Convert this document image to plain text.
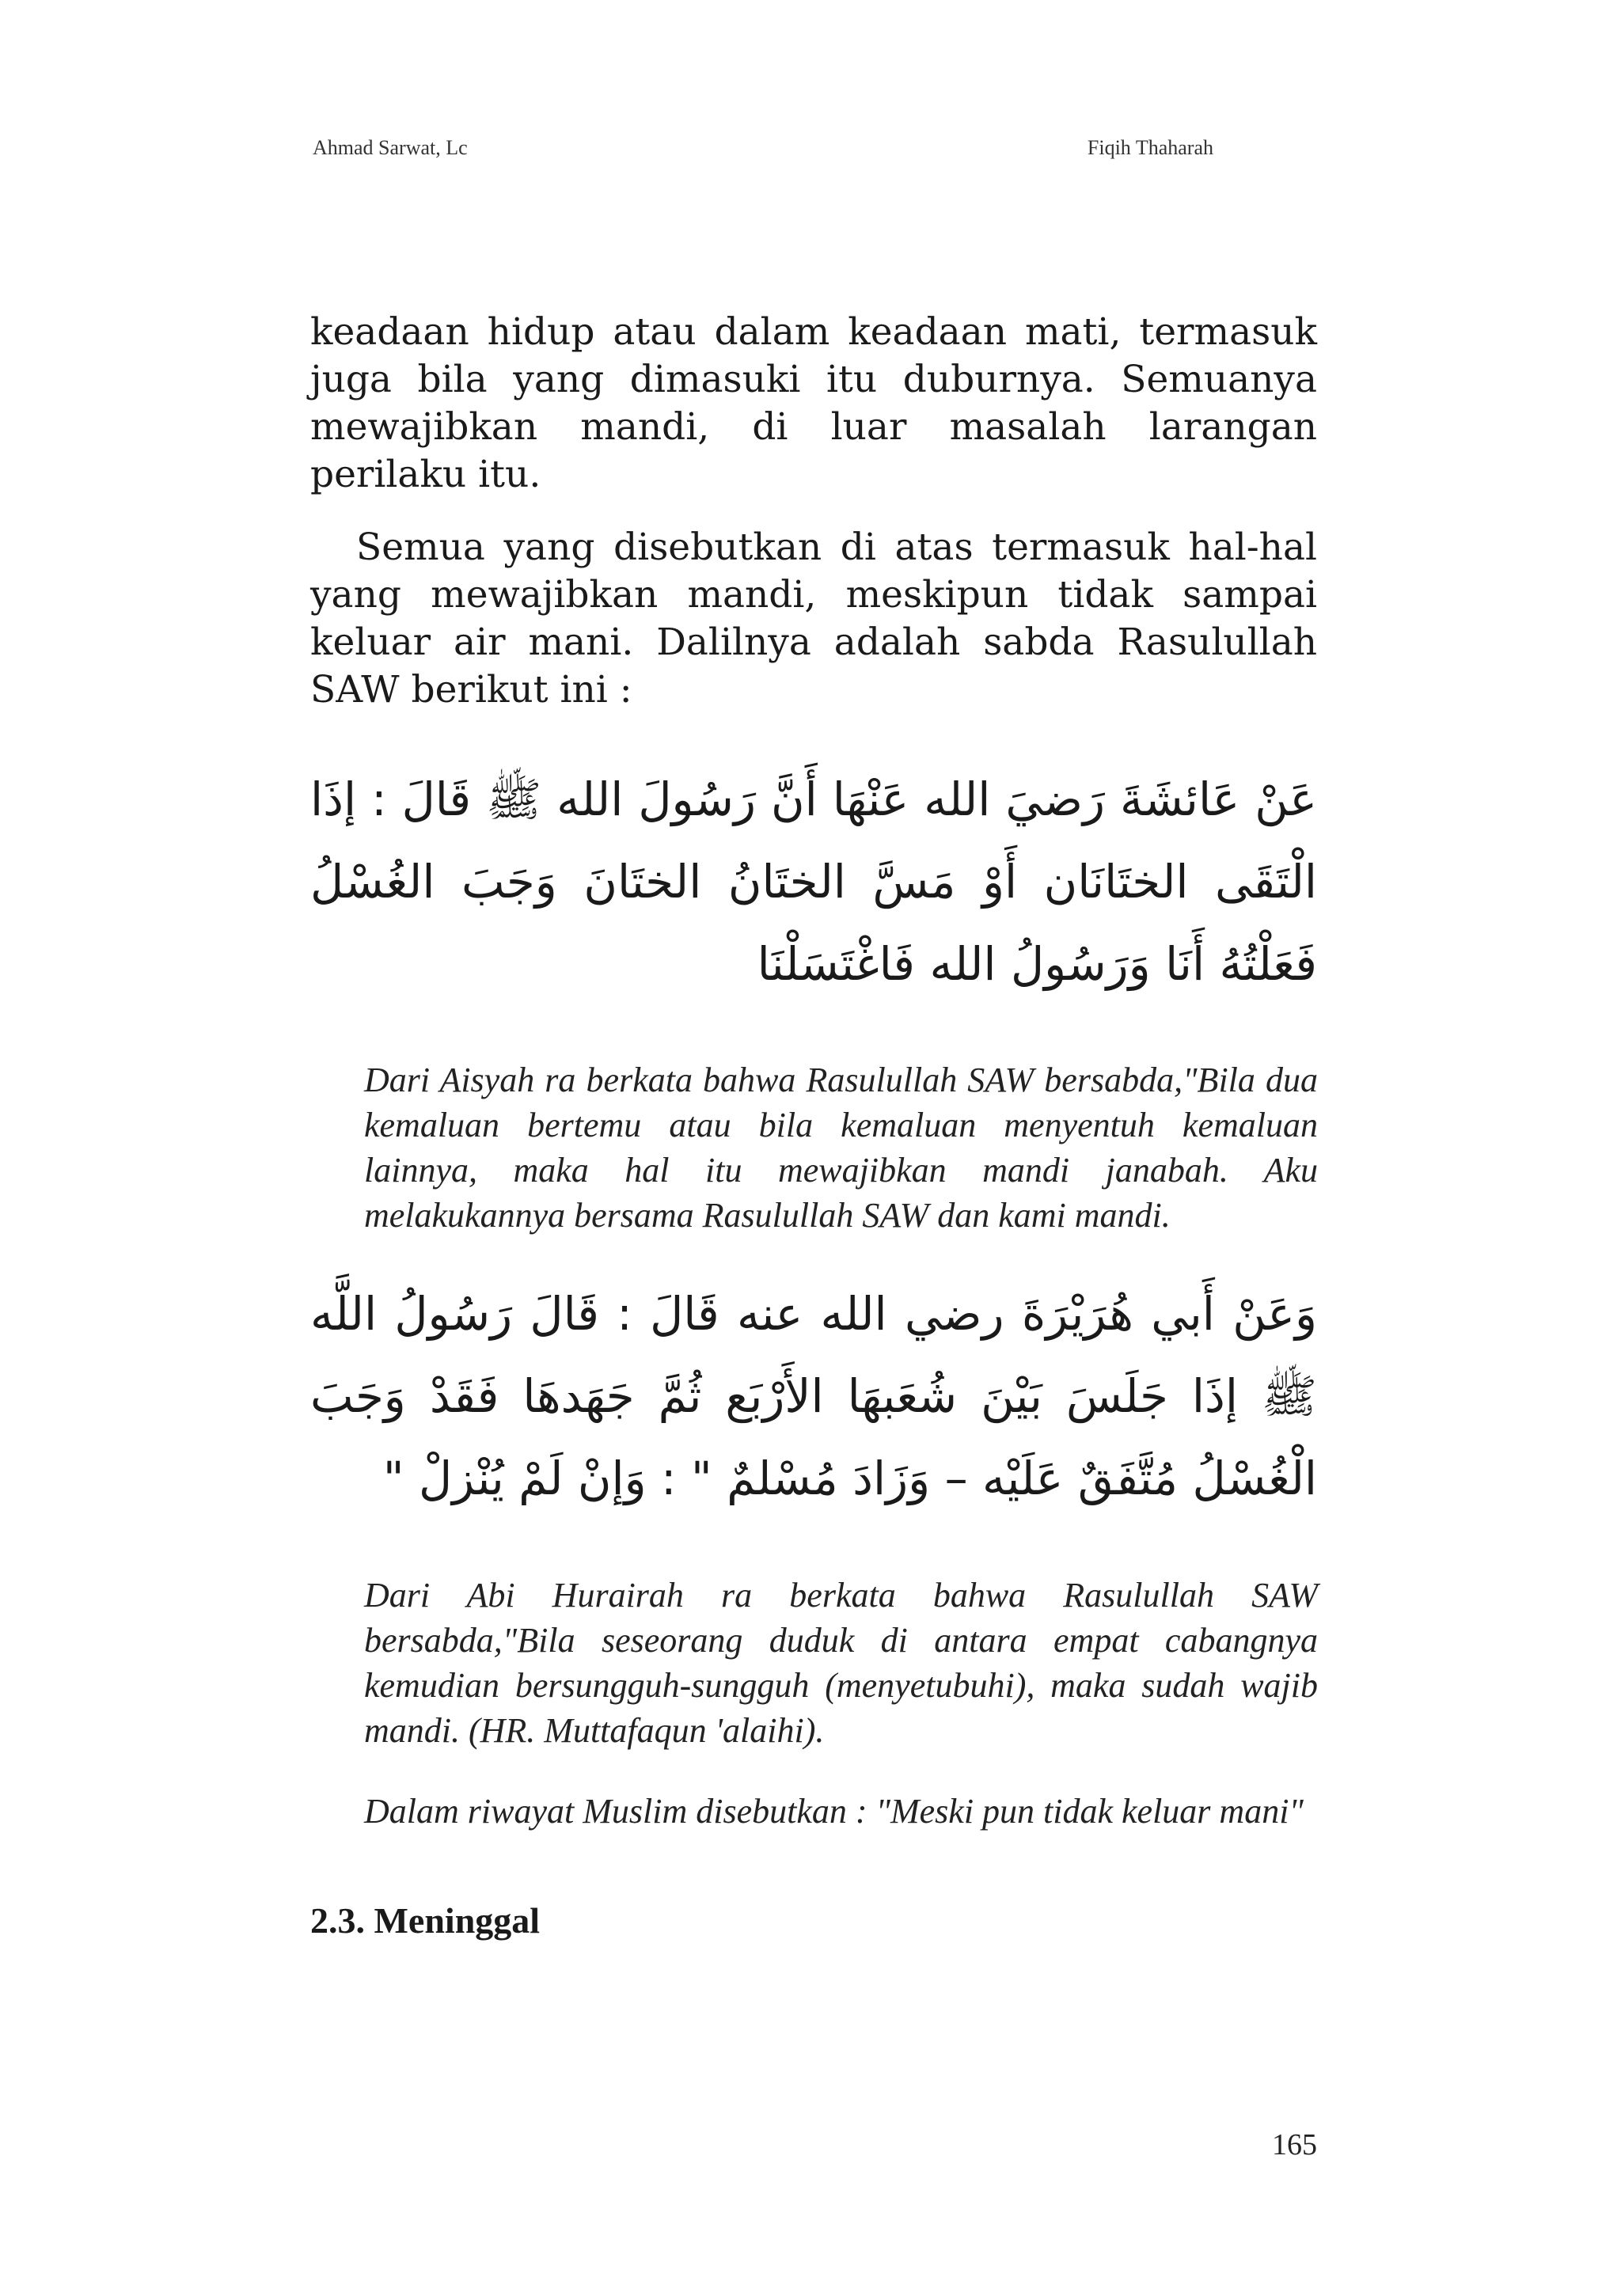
Ahmad Sarwat, Lc	Fiqih Thaharah

keadaan hidup atau dalam keadaan mati, termasuk juga bila yang dimasuki itu duburnya. Semuanya mewajibkan mandi, di luar masalah larangan perilaku itu.

Semua yang disebutkan di atas termasuk hal-hal yang mewajibkan mandi, meskipun tidak sampai keluar air mani. Dalilnya adalah sabda Rasulullah SAW berikut ini :

عَنْ عَائشَةَ رَضيَ الله عَنْهَا أَنَّ رَسُولَ الله ﷺ قَالَ : إذَا الْتَقَى الختَانَان أَوْ مَسَّ الختَانُ الختَانَ وَجَبَ الغُسْلُ فَعَلْتُهُ أَنَا وَرَسُولُ الله فَاغْتَسَلْنَا

Dari Aisyah ra berkata bahwa Rasulullah SAW bersabda,"Bila dua kemaluan bertemu atau bila kemaluan menyentuh kemaluan lainnya, maka hal itu mewajibkan mandi janabah. Aku melakukannya bersama Rasulullah SAW dan kami mandi.

وَعَنْ أَبي هُرَيْرَةَ رضي الله عنه قَالَ : قَالَ رَسُولُ اللَّه ﷺ إذَا جَلَسَ بَيْنَ شُعَبهَا الأَرْبَع ثُمَّ جَهَدهَا فَقَدْ وَجَبَ الْغُسْلُ مُتَّفَقٌ عَلَيْه – وَزَادَ مُسْلمٌ " : وَإنْ لَمْ يُنْزلْ "

Dari Abi Hurairah ra berkata bahwa Rasulullah SAW bersabda,"Bila seseorang duduk di antara empat cabangnya kemudian bersungguh-sungguh (menyetubuhi), maka sudah wajib mandi. (HR. Muttafaqun 'alaihi).

Dalam riwayat Muslim disebutkan : "Meski pun tidak keluar mani"

2.3. Meninggal
165
